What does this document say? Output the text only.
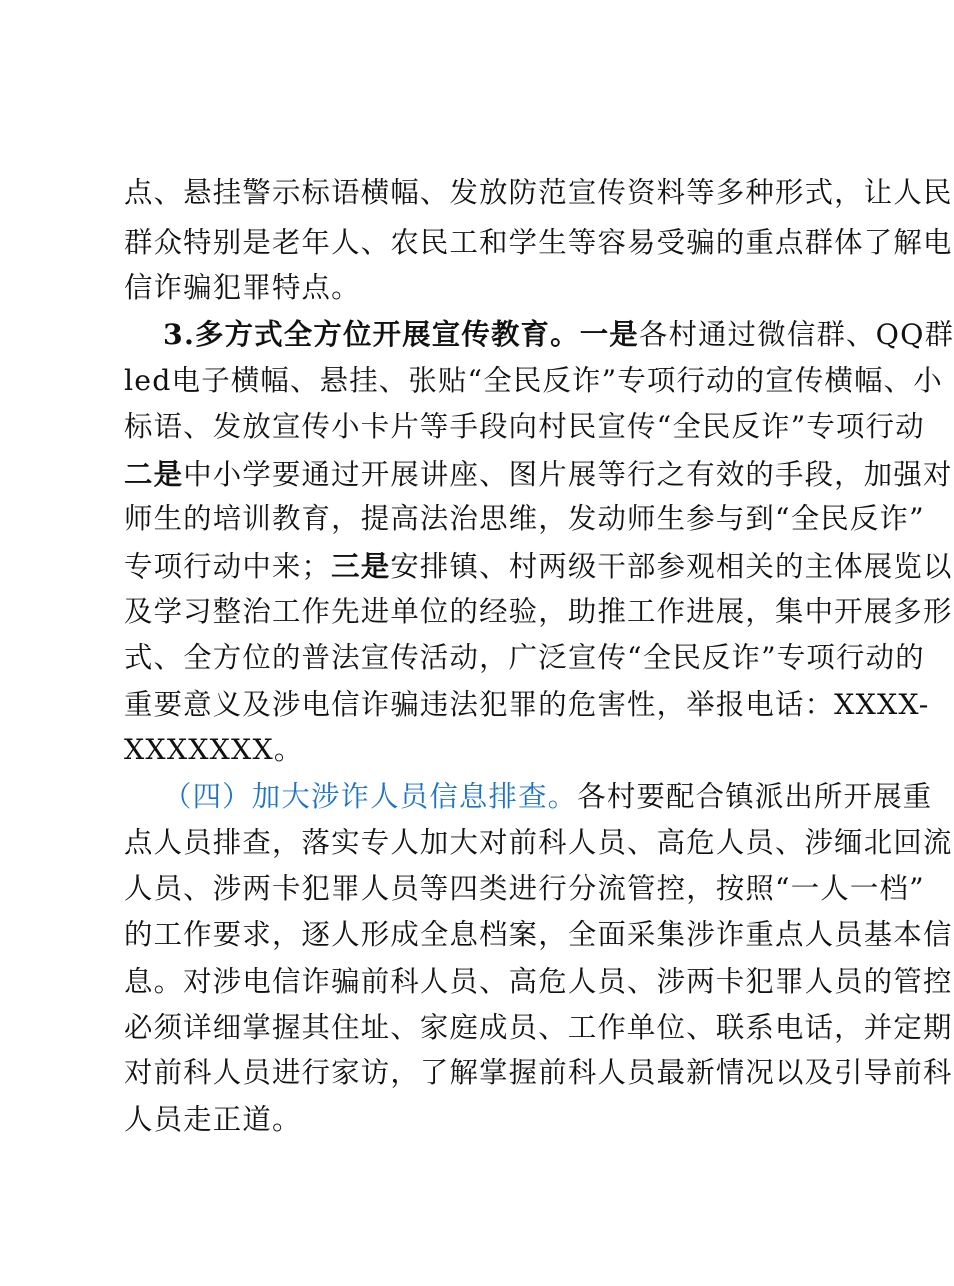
点、悬挂警示标语横幅、发放防范宣传资料等多种形式，让人民
群众特别是老年人、农民工和学生等容易受骗的重点群体了解电
信诈骗犯罪特点。
3.多方式全方位开展宣传教育。一是各村通过微信群、QQ群
led电子横幅、悬挂、张贴“全民反诈”专项行动的宣传横幅、小
标语、发放宣传小卡片等手段向村民宣传“全民反诈”专项行动
二是中小学要通过开展讲座、图片展等行之有效的手段，加强对
师生的培训教育，提高法治思维，发动师生参与到“全民反诈”
专项行动中来；三是安排镇、村两级干部参观相关的主体展览以
及学习整治工作先进单位的经验，助推工作进展，集中开展多形
式、全方位的普法宣传活动，广泛宣传“全民反诈”专项行动的
重要意义及涉电信诈骗违法犯罪的危害性，举报电话：XXXX-
XXXXXXX。
（四）加大涉诈人员信息排查。各村要配合镇派出所开展重
点人员排查，落实专人加大对前科人员、高危人员、涉缅北回流
人员、涉两卡犯罪人员等四类进行分流管控，按照“一人一档”
的工作要求，逐人形成全息档案，全面采集涉诈重点人员基本信
息。对涉电信诈骗前科人员、高危人员、涉两卡犯罪人员的管控
必须详细掌握其住址、家庭成员、工作单位、联系电话，并定期
对前科人员进行家访，了解掌握前科人员最新情况以及引导前科
人员走正道。
